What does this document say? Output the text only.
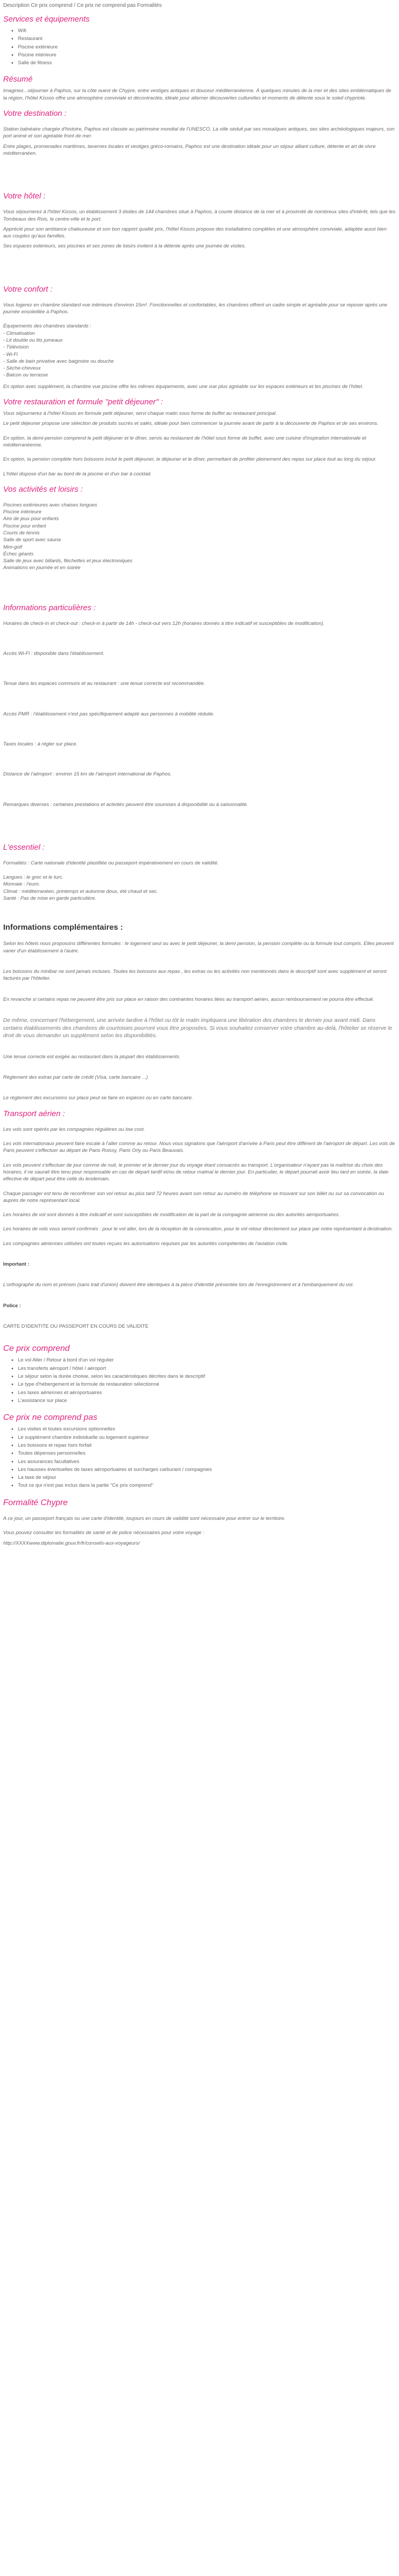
Description Ce prix comprend / Ce prix ne comprend pas Formalités

Services et équipements
• Wifi
• Restaurant
• Piscine extérieure
• Piscine intérieure
• Salle de fitness
Résumé

Imaginez...séjourner à Paphos, sur la côte ouest de Chypre, entre vestiges antiques et douceur méditerranéenne. À quelques minutes de la mer et des sites emblématiques de la région, l'hôtel Kissos offre une atmosphère conviviale et décontractée, idéale pour alterner découvertes culturelles et moments de détente sous le soleil chypriote.

Votre destination :

Station balnéaire chargée d'histoire, Paphos est classée au patrimoine mondial de l'UNESCO. La ville séduit par ses mosaïques antiques, ses sites archéologiques majeurs, son port animé et son agréable front de mer.

Entre plages, promenades maritimes, tavernes locales et vestiges gréco-romains, Paphos est une destination idéale pour un séjour alliant culture, détente et art de vivre méditerranéen.

Votre hôtel :

Vous séjournerez à l'hôtel Kissos, un établissement 3 étoiles de 144 chambres situé à Paphos, à courte distance de la mer et à proximité de nombreux sites d'intérêt, tels que les Tombeaux des Rois, le centre-ville et le port.

Apprécié pour son ambiance chaleureuse et son bon rapport qualité prix, l'hôtel Kissos propose des installations complètes et une atmosphère conviviale, adaptée aussi bien aux couples qu'aux familles.

Ses espaces extérieurs, ses piscines et ses zones de loisirs invitent à la détente après une journée de visites.

Votre confort :

Vous logerez en chambre standard vue intérieure d'environ 15m². Fonctionnelles et confortables, les chambres offrent un cadre simple et agréable pour se reposer après une journée ensoleillée à Paphos.

Équipements des chambres standards :

- Climatisation

- Lit double ou lits jumeaux

- Télévision

- Wi-Fi

- Salle de bain privative avec baignoire ou douche

- Sèche-cheveux

- Balcon ou terrasse

En option avec supplément, la chambre vue piscine offre les mêmes équipements, avec une vue plus agréable sur les espaces extérieurs et les piscines de l'hôtel.

Votre restauration et formule "petit déjeuner" :

Vous séjournerez à l'hôtel Kissos en formule petit déjeuner, servi chaque matin sous forme de buffet au restaurant principal.

Le petit déjeuner propose une sélection de produits sucrés et salés, idéale pour bien commencer la journée avant de partir à la découverte de Paphos et de ses environs.

En option, la demi-pension comprend le petit déjeuner et le dîner, servis au restaurant de l'hôtel sous forme de buffet, avec une cuisine d'inspiration internationale et méditerranéenne.

En option, la pension complète hors boissons inclut le petit déjeuner, le déjeuner et le dîner, permettant de profiter pleinement des repas sur place tout au long du séjour.

L'hôtel dispose d'un bar au bord de la piscine et d'un bar à cocktail.

Vos activités et loisirs :

Piscines extérieures avec chaises longues

Piscine intérieure

Aire de jeux pour enfants

Piscine pour enfant

Courts de tennis

Salle de sport avec sauna

Mini-golf

Échec géants

Salle de jeux avec billards, fléchettes et jeux électroniques

Animations en journée et en soirée

Informations particulières :

Horaires de check-in et check-out : check-in à partir de 14h - check-out vers 12h (horaires donnés à titre indicatif et susceptibles de modification).

Accès Wi-Fi : disponible dans l'établissement.

Tenue dans les espaces communs et au restaurant : une tenue correcte est recommandée.

Accès PMR : l'établissement n'est pas spécifiquement adapté aux personnes à mobilité réduite.

Taxes locales : à régler sur place.

Distance de l'aéroport : environ 15 km de l'aéroport international de Paphos.

Remarques diverses : certaines prestations et activités peuvent être soumises à disponibilité ou à saisonnalité.

L'essentiel :

Formalités : Carte nationale d'identité plastifiée ou passeport impérativement en cours de validité.

Langues : le grec et le turc.

Monnaie : l'euro.

Climat : méditerranéen, printemps et automne doux, été chaud et sec.

Santé : Pas de mise en garde particulière.

Informations complémentaires :

Selon les hôtels nous proposons différentes formules : le logement seul ou avec le petit déjeuner, la demi pension, la pension complète ou la formule tout compris. Elles peuvent varier d'un établissement à l'autre.

Les boissons du minibar ne sont jamais incluses. Toutes les boissons aux repas , les extras ou les activités non mentionnés dans le descriptif sont avec supplément et seront facturés par l'hôtelier.

En revanche si certains repas ne peuvent être pris sur place en raison des contraintes horaires liées au transport aérien, aucun remboursement ne pourra être effectué.

De même, concernant l'hébergement, une arrivée tardive à l'hôtel ou tôt le matin impliquera une libération des chambres le dernier jour avant midi. Dans certains établissements des chambres de courtoisies pourront vous être proposées. Si vous souhaitez conserver votre chambre au-delà, l'hôtelier se réserve le droit de vous demander un supplément selon les disponibilités.

Une tenue correcte est exigée au restaurant dans la plupart des établissements.

Règlement des extras par carte de crédit (Visa, carte bancaire ...)

Le règlement des excursions sur place peut se faire en espèces ou en carte bancaire.

Transport aérien :

Les vols sont opérés par les compagnies régulières ou low cost.

Les vols internationaux peuvent faire escale à l'aller comme au retour. Nous vous signalons que l'aéroport d'arrivée à Paris peut être différent de l'aéroport de départ. Les vols de Paris peuvent s'effectuer au départ de Paris Roissy, Paris Orly ou Paris Beauvais.

Les vols peuvent s'effectuer de jour comme de nuit, le premier et le dernier jour du voyage étant consacrés au transport. L'organisateur n'ayant pas la maîtrise du choix des horaires, il ne saurait être tenu pour responsable en cas de départ tardif et/ou de retour matinal le dernier jour. En particulier, le départ pourrait avoir lieu tard en soirée, la date effective de départ peut être celle du lendemain.

Chaque passager est tenu de reconfirmer son vol retour au plus tard 72 heures avant son retour au numéro de téléphone se trouvant sur son billet ou sur sa convocation ou auprès de notre représentant local.

Les horaires de vol sont donnés à titre indicatif et sont susceptibles de modification de la part de la compagnie aérienne ou des autorités aéroportuaires.

Les horaires de vols vous seront confirmés : pour le vol aller, lors de la réception de la convocation, pour le vol retour directement sur place par notre représentant à destination.

Les compagnies aériennes utilisées ont toutes reçues les autorisations requises par les autorités compétentes de l'aviation civile.

Important :

L'orthographe du nom et prénom (sans trait d'union) doivent être identiques à la pièce d'identité présentée lors de l'enregistrement et à l'embarquement du vol.

Police :

CARTE D'IDENTITE OU PASSEPORT EN COURS DE VALIDITE

Ce prix comprend
• Le vol Aller / Retour à bord d'un vol régulier
• Les transferts aéroport / hôtel / aéroport
• Le séjour selon la durée choisie, selon les caractéristiques décrites dans le descriptif
• Le type d'hébergement et la formule de restauration sélectionné
• Les taxes aériennes et aéroportuaires
• L'assistance sur place
Ce prix ne comprend pas
• Les visites et toutes excursions optionnelles
• Le supplément chambre individuelle ou logement supérieur
• Les boissons et repas hors forfait
• Toutes dépenses personnelles
• Les assurances facultatives
• Les hausses éventuelles de taxes aéroportuaires et surcharges carburant / compagnies
• La taxe de séjour
• Tout ce qui n'est pas inclus dans la partie "Ce prix comprend"
Formalité Chypre

A ce jour, un passeport français ou une carte d'identité, toujours en cours de validité sont nécessaire pour entrer sur le territoire.

Vous pouvez consulter les formalités de santé et de police nécessaires pour votre voyage :

http://XXXXwww.diplomatie.gouv.fr/fr/conseils-aux-voyageurs/
